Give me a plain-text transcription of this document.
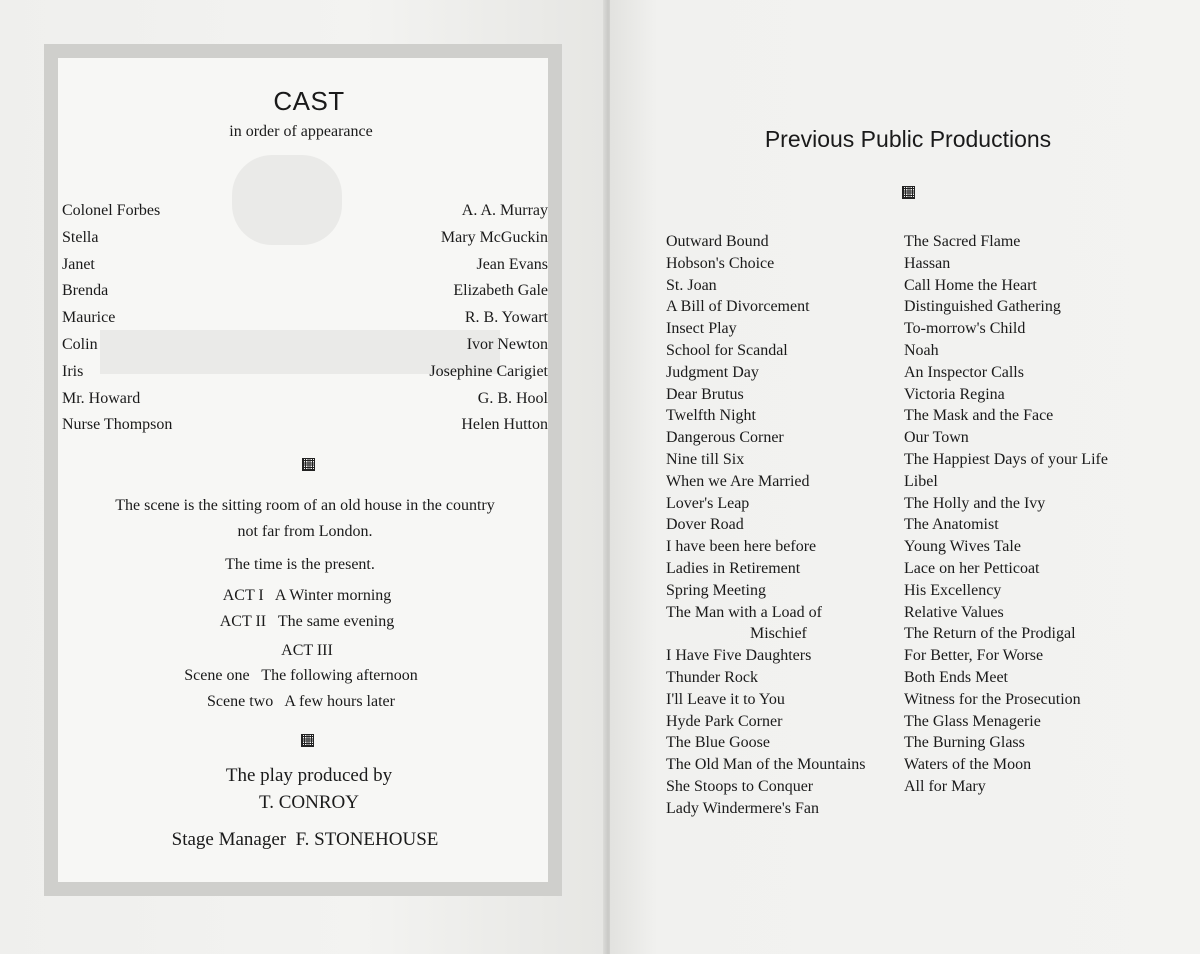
CAST
in order of appearance
Colonel Forbes	A. A. Murray
Stella	Mary McGuckin
Janet	Jean Evans
Brenda	Elizabeth Gale
Maurice	R. B. Yowart
Colin	Ivor Newton
Iris	Josephine Carigiet
Mr. Howard	G. B. Hool
Nurse Thompson	Helen Hutton
The scene is the sitting room of an old house in the country
not far from London.
The time is the present.
ACT I   A Winter morning
ACT II   The same evening
ACT III
Scene one   The following afternoon
Scene two   A few hours later
The play produced by
T. CONROY
Stage Manager  F. STONEHOUSE
Previous Public Productions
Outward Bound
Hobson's Choice
St. Joan
A Bill of Divorcement
Insect Play
School for Scandal
Judgment Day
Dear Brutus
Twelfth Night
Dangerous Corner
Nine till Six
When we Are Married
Lover's Leap
Dover Road
I have been here before
Ladies in Retirement
Spring Meeting
The Man with a Load of
Mischief
I Have Five Daughters
Thunder Rock
I'll Leave it to You
Hyde Park Corner
The Blue Goose
The Old Man of the Mountains
She Stoops to Conquer
Lady Windermere's Fan
The Sacred Flame
Hassan
Call Home the Heart
Distinguished Gathering
To-morrow's Child
Noah
An Inspector Calls
Victoria Regina
The Mask and the Face
Our Town
The Happiest Days of your Life
Libel
The Holly and the Ivy
The Anatomist
Young Wives Tale
Lace on her Petticoat
His Excellency
Relative Values
The Return of the Prodigal
For Better, For Worse
Both Ends Meet
Witness for the Prosecution
The Glass Menagerie
The Burning Glass
Waters of the Moon
All for Mary
